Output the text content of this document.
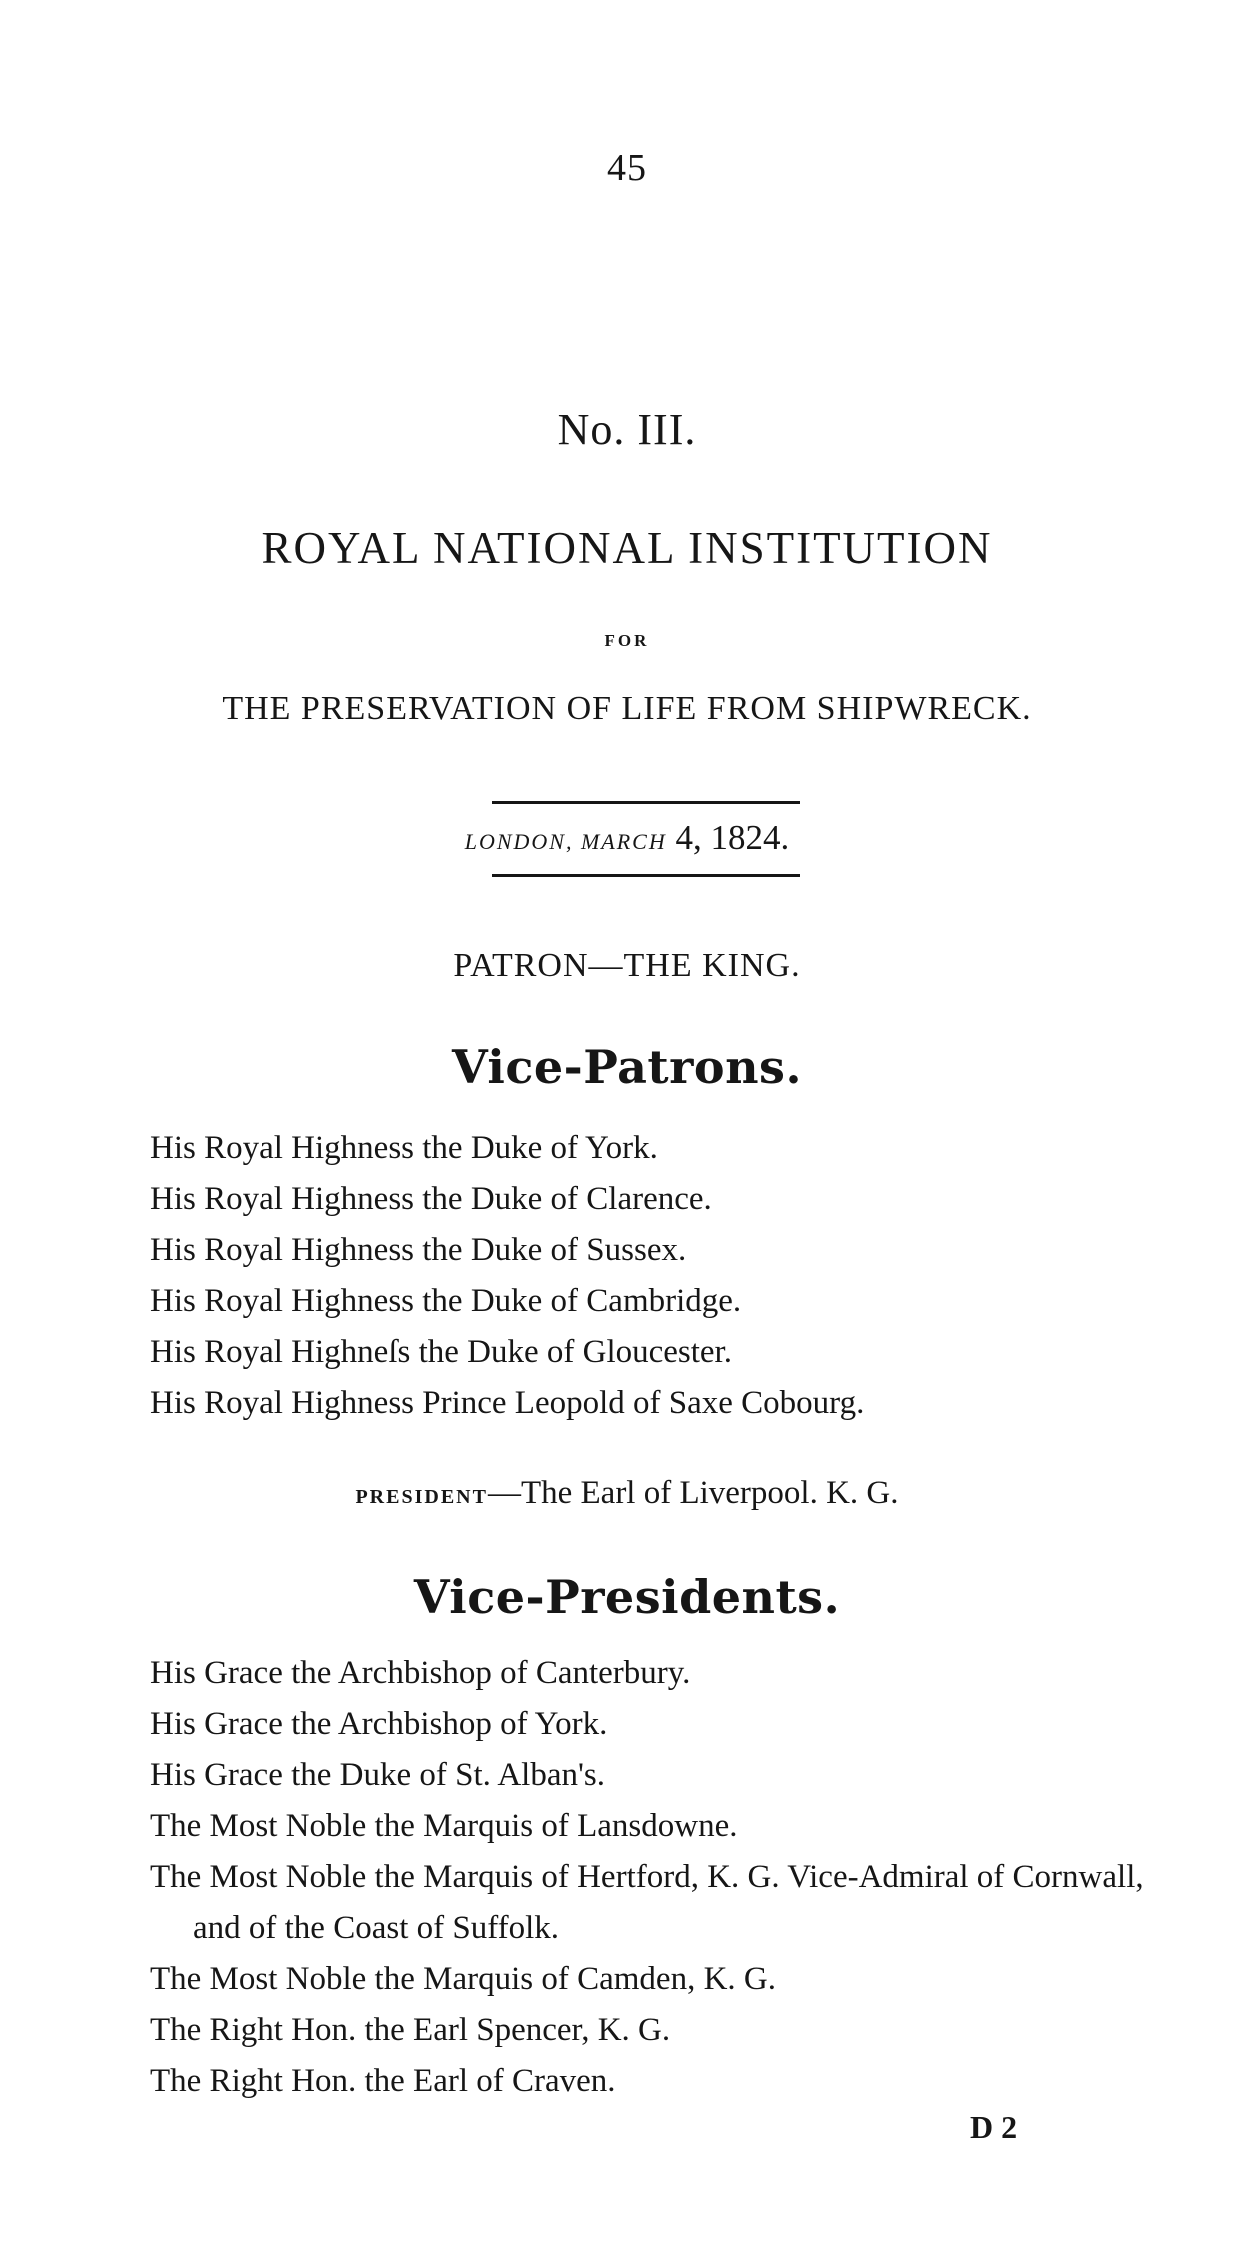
45
No. III.
ROYAL NATIONAL INSTITUTION
FOR
THE PRESERVATION OF LIFE FROM SHIPWRECK.
LONDON, MARCH 4, 1824.
PATRON—THE KING.
Vice-Patrons.
His Royal Highness the Duke of York.
His Royal Highness the Duke of Clarence.
His Royal Highness the Duke of Sussex.
His Royal Highness the Duke of Cambridge.
His Royal Highneſs the Duke of Gloucester.
His Royal Highness Prince Leopold of Saxe Cobourg.
PRESIDENT—The Earl of Liverpool. K. G.
Vice-Presidents.
His Grace the Archbishop of Canterbury.
His Grace the Archbishop of York.
His Grace the Duke of St. Alban's.
The Most Noble the Marquis of Lansdowne.
The Most Noble the Marquis of Hertford, K. G. Vice-Admiral of Cornwall, and of the Coast of Suffolk.
The Most Noble the Marquis of Camden, K. G.
The Right Hon. the Earl Spencer, K. G.
The Right Hon. the Earl of Craven.
D 2
